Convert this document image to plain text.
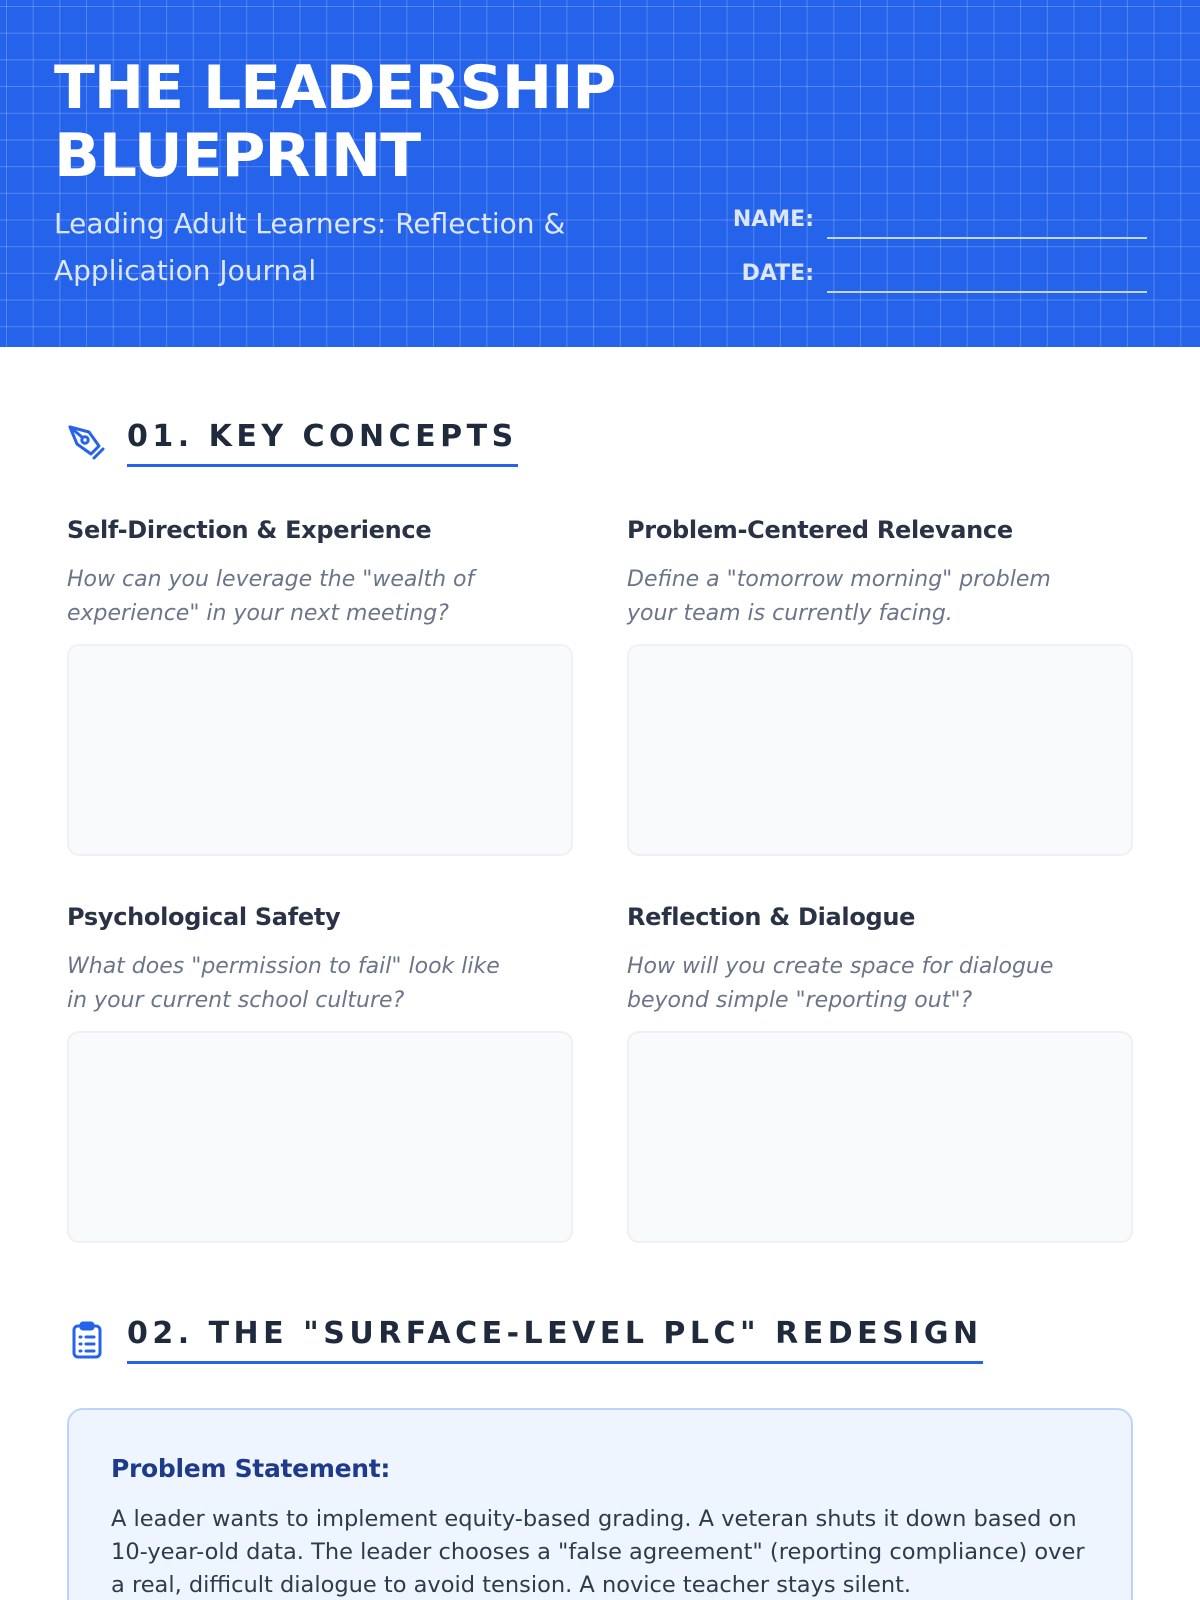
THE LEADERSHIP
BLUEPRINT
Leading Adult Learners: Reflection & Application Journal
NAME:
DATE:
01. KEY CONCEPTS
Self-Direction & Experience
How can you leverage the "wealth of experience" in your next meeting?
Problem-Centered Relevance
Define a "tomorrow morning" problem your team is currently facing.
Psychological Safety
What does "permission to fail" look like in your current school culture?
Reflection & Dialogue
How will you create space for dialogue beyond simple "reporting out"?
02. THE "SURFACE-LEVEL PLC" REDESIGN
Problem Statement:
A leader wants to implement equity-based grading. A veteran shuts it down based on 10-year-old data. The leader chooses a "false agreement" (reporting compliance) over a real, difficult dialogue to avoid tension. A novice teacher stays silent.
